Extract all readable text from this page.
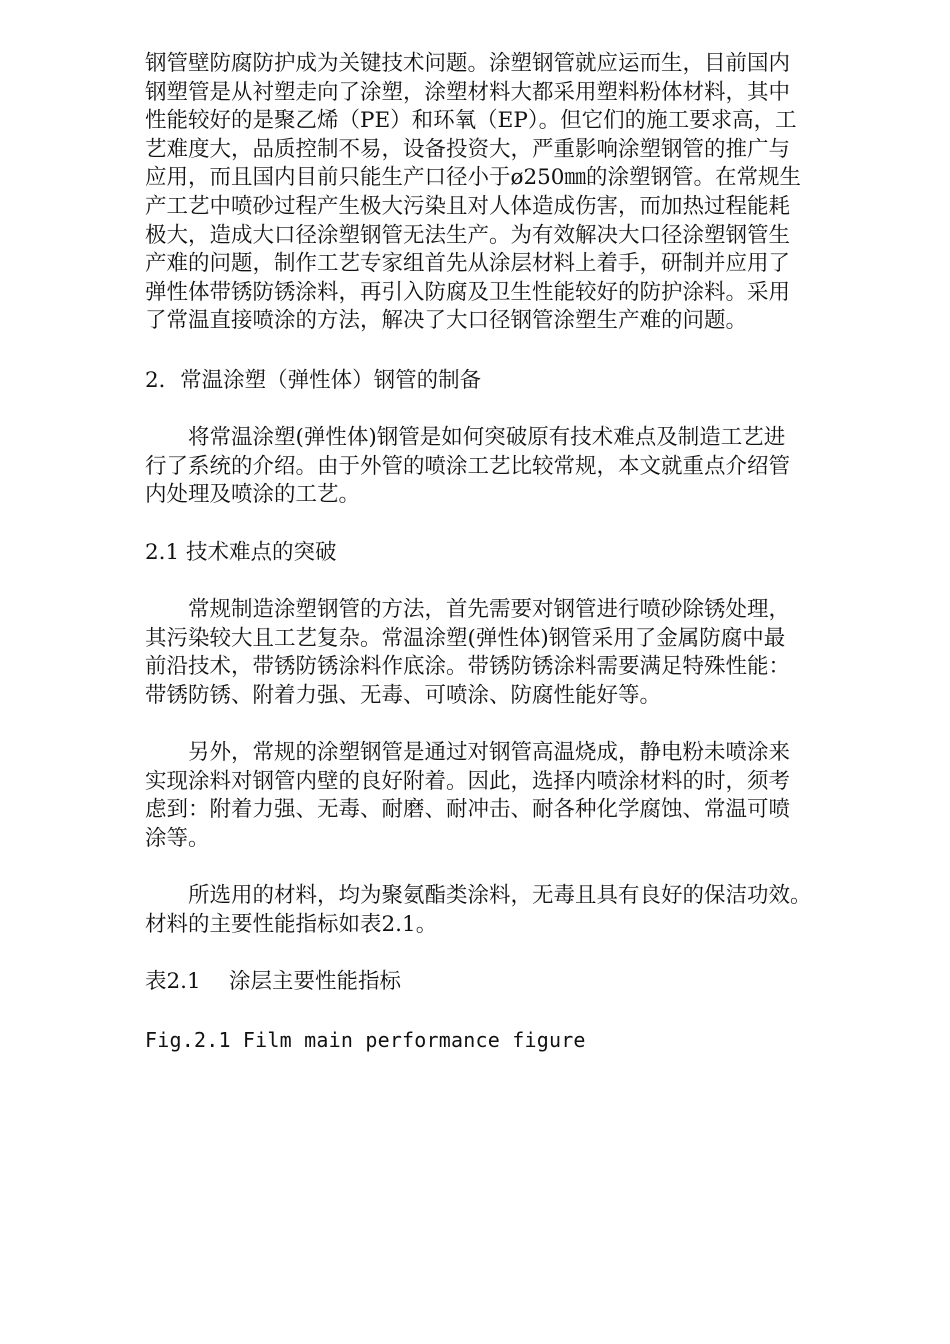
钢管壁防腐防护成为关键技术问题。涂塑钢管就应运而生，目前国内
钢塑管是从衬塑走向了涂塑，涂塑材料大都采用塑料粉体材料，其中
性能较好的是聚乙烯（PE）和环氧（EP）。但它们的施工要求高，工
艺难度大，品质控制不易，设备投资大，严重影响涂塑钢管的推广与
应用，而且国内目前只能生产口径小于ø250㎜的涂塑钢管。在常规生
产工艺中喷砂过程产生极大污染且对人体造成伤害，而加热过程能耗
极大，造成大口径涂塑钢管无法生产。为有效解决大口径涂塑钢管生
产难的问题，制作工艺专家组首先从涂层材料上着手，研制并应用了
弹性体带锈防锈涂料，再引入防腐及卫生性能较好的防护涂料。采用
了常温直接喷涂的方法，解决了大口径钢管涂塑生产难的问题。
2．常温涂塑（弹性体）钢管的制备
　　将常温涂塑(弹性体)钢管是如何突破原有技术难点及制造工艺进
行了系统的介绍。由于外管的喷涂工艺比较常规，本文就重点介绍管
内处理及喷涂的工艺。
2.1 技术难点的突破
　　常规制造涂塑钢管的方法，首先需要对钢管进行喷砂除锈处理，
其污染较大且工艺复杂。常温涂塑(弹性体)钢管采用了金属防腐中最
前沿技术，带锈防锈涂料作底涂。带锈防锈涂料需要满足特殊性能：
带锈防锈、附着力强、无毒、可喷涂、防腐性能好等。
　　另外，常规的涂塑钢管是通过对钢管高温烧成，静电粉未喷涂来
实现涂料对钢管内壁的良好附着。因此，选择内喷涂材料的时，须考
虑到：附着力强、无毒、耐磨、耐冲击、耐各种化学腐蚀、常温可喷
涂等。
　　所选用的材料，均为聚氨酯类涂料，无毒且具有良好的保洁功效。
材料的主要性能指标如表2.1。
表2.1　 涂层主要性能指标
Fig.2.1 Film main performance figure
